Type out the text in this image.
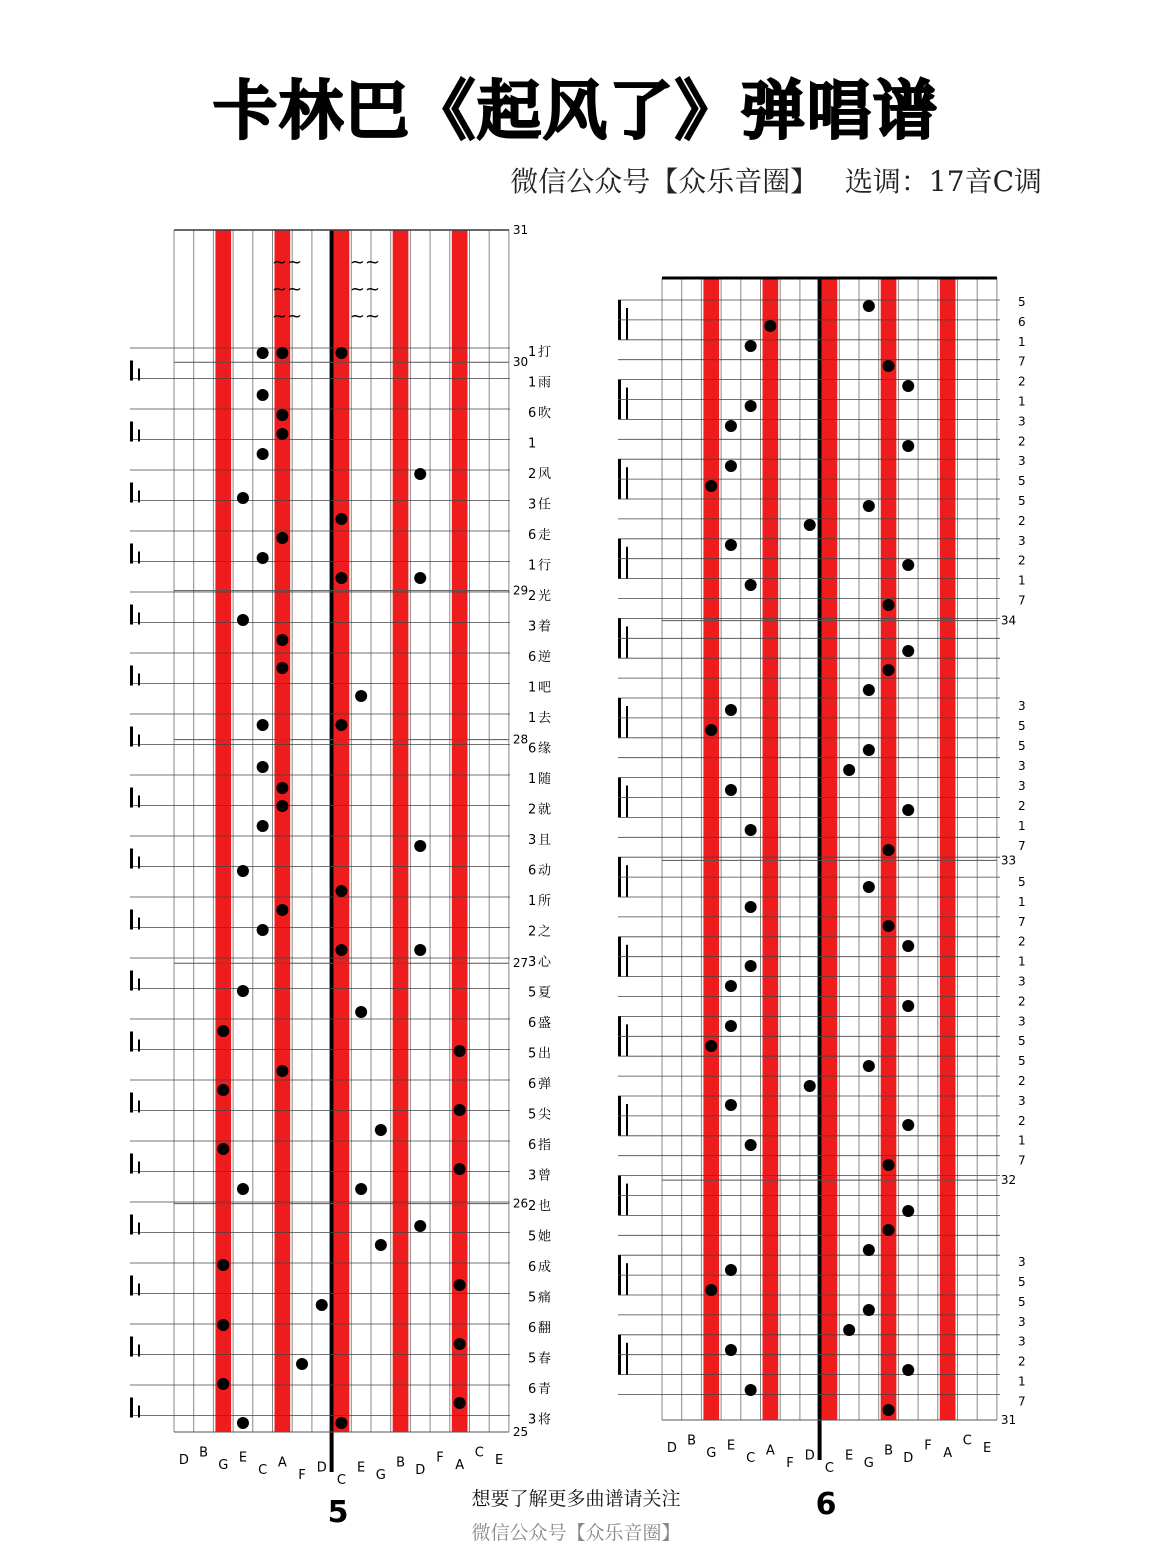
卡林巴《起风了》弹唱谱
微信公众号【众乐音圈】   选调：17音C调
31
30
29
28
27
26
25
D B
G E
C A
F D
C
E G
B D
F A
C E
1 打
1 雨
6 吹
1
2 风
3 任
6 走
1 行
2 光
3 着
6 逆
1 吧
1 去
6 缘
1 随
2 就
3 且
6 动
1 所
2 之
3 心
5 夏
6 盛
5 出
6 弹
5 尖
6 指
3 曾
2 也
5 她
6 成
5 痛
6 翻
5 春
6 青
3 将
~~	~~
~~	~~
~~	~~
5
34
33
32
31
D B
G E
C A
F D
C
E G
B D
F A
C E
5
6
1
7
2
1
3
2
3
5
5
2
3
2
1
7
3
5
5
3
3
2
1
7
5
1
7
2
1
3
2
3
5
5
2
3
2
1
7
3
5
5
3
3
2
1
7
6
想要了解更多曲谱请关注
微信公众号【众乐音圈】
